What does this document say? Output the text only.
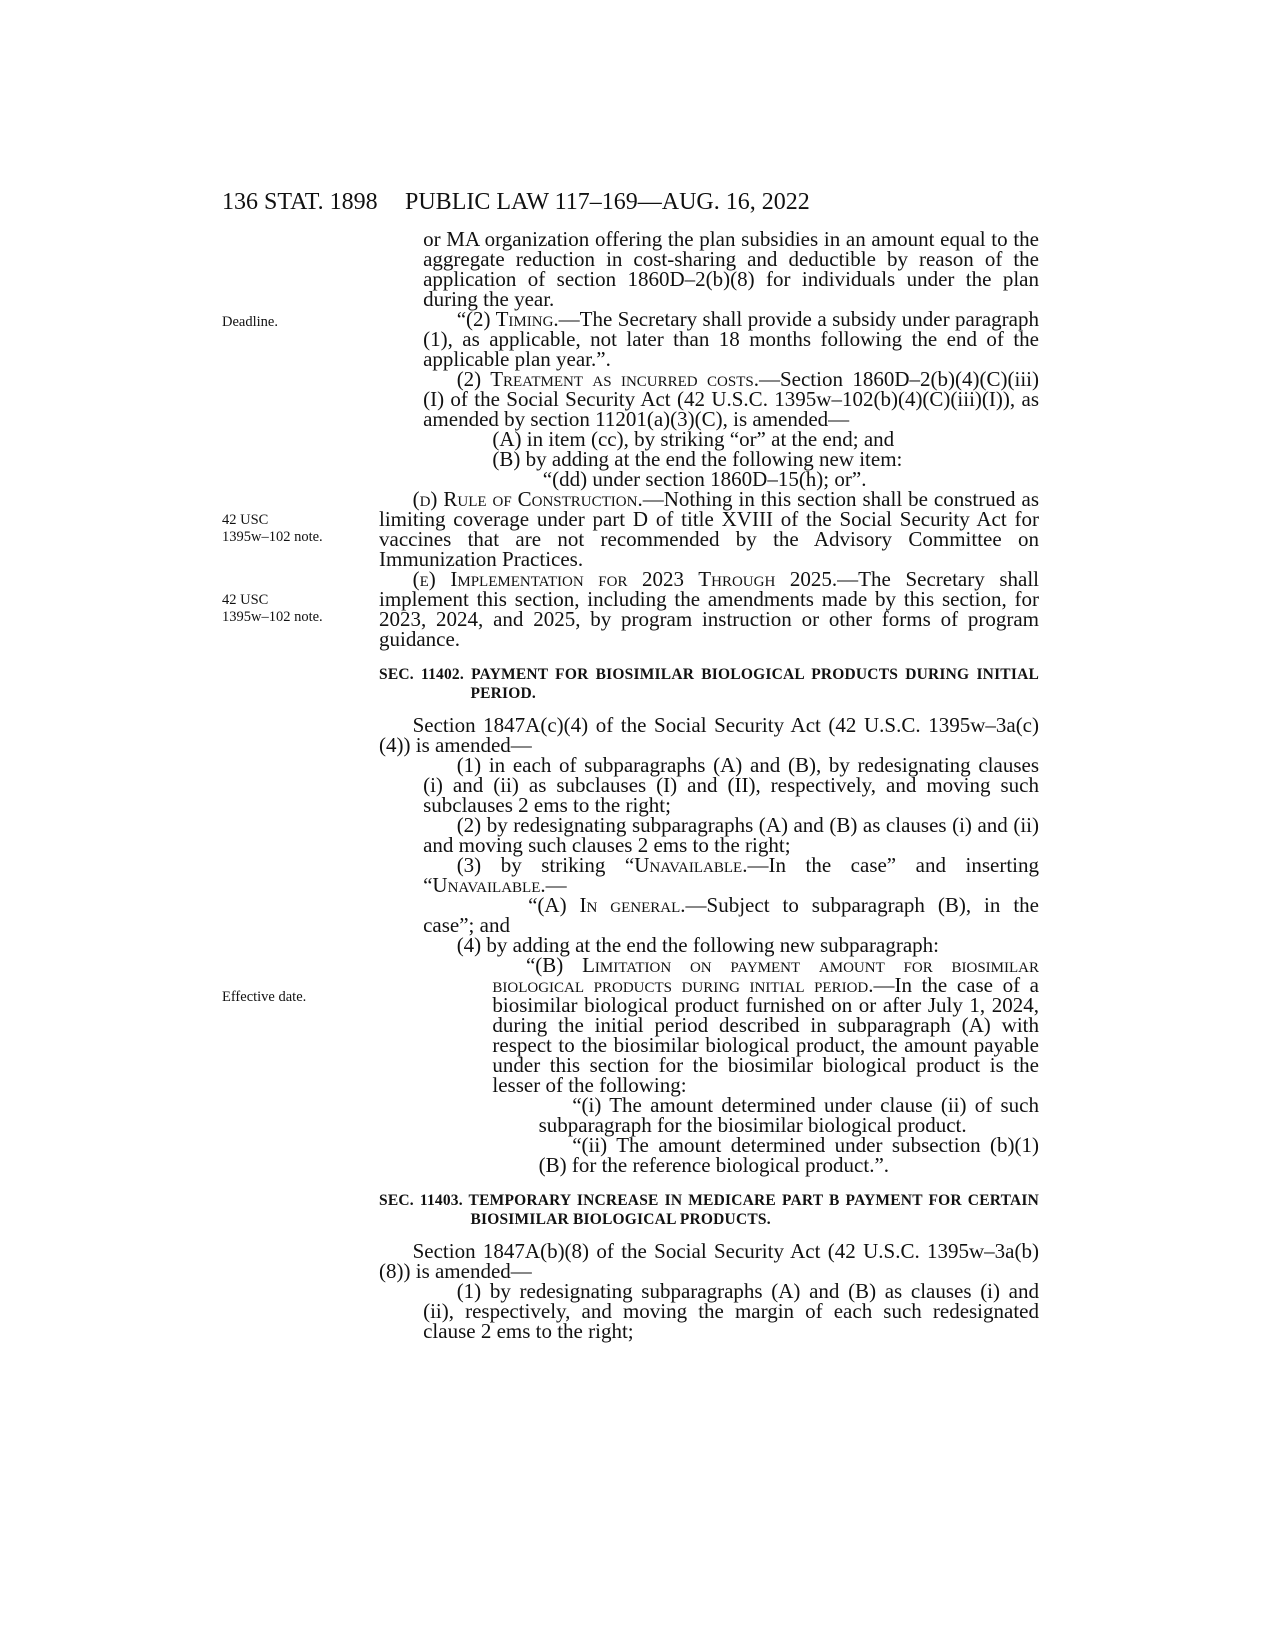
136 STAT. 1898 PUBLIC LAW 117–169—AUG. 16, 2022
Deadline.
42 USC
1395w–102 note.
42 USC
1395w–102 note.
Effective date.

or MA organization offering the plan subsidies in an amount equal to the aggregate reduction in cost-sharing and deductible by reason of the application of section 1860D–2(b)(8) for individuals under the plan during the year.

“(2) Timing.—The Secretary shall provide a subsidy under paragraph (1), as applicable, not later than 18 months following the end of the applicable plan year.”.

(2) Treatment as incurred costs.—Section 1860D–2(b)(4)(C)(iii)(I) of the Social Security Act (42 U.S.C. 1395w–102(b)(4)(C)(iii)(I)), as amended by section 11201(a)(3)(C), is amended—

(A) in item (cc), by striking “or” at the end; and

(B) by adding at the end the following new item:

“(dd) under section 1860D–15(h); or”.

(d) Rule of Construction.—Nothing in this section shall be construed as limiting coverage under part D of title XVIII of the Social Security Act for vaccines that are not recommended by the Advisory Committee on Immunization Practices.

(e) Implementation for 2023 Through 2025.—The Secretary shall implement this section, including the amendments made by this section, for 2023, 2024, and 2025, by program instruction or other forms of program guidance.

SEC. 11402. PAYMENT FOR BIOSIMILAR BIOLOGICAL PRODUCTS DURING INITIAL PERIOD.

Section 1847A(c)(4) of the Social Security Act (42 U.S.C. 1395w–3a(c)(4)) is amended—

(1) in each of subparagraphs (A) and (B), by redesignating clauses (i) and (ii) as subclauses (I) and (II), respectively, and moving such subclauses 2 ems to the right;

(2) by redesignating subparagraphs (A) and (B) as clauses (i) and (ii) and moving such clauses 2 ems to the right;

(3) by striking “Unavailable.—In the case” and inserting “Unavailable.—

“(A) In general.—Subject to subparagraph (B), in the case”; and

(4) by adding at the end the following new subparagraph:

“(B) Limitation on payment amount for biosimilar biological products during initial period.—In the case of a biosimilar biological product furnished on or after July 1, 2024, during the initial period described in subparagraph (A) with respect to the biosimilar biological product, the amount payable under this section for the biosimilar biological product is the lesser of the following:

“(i) The amount determined under clause (ii) of such subparagraph for the biosimilar biological product.

“(ii) The amount determined under subsection (b)(1)(B) for the reference biological product.”.

SEC. 11403. TEMPORARY INCREASE IN MEDICARE PART B PAYMENT FOR CERTAIN BIOSIMILAR BIOLOGICAL PRODUCTS.

Section 1847A(b)(8) of the Social Security Act (42 U.S.C. 1395w–3a(b)(8)) is amended—

(1) by redesignating subparagraphs (A) and (B) as clauses (i) and (ii), respectively, and moving the margin of each such redesignated clause 2 ems to the right;
